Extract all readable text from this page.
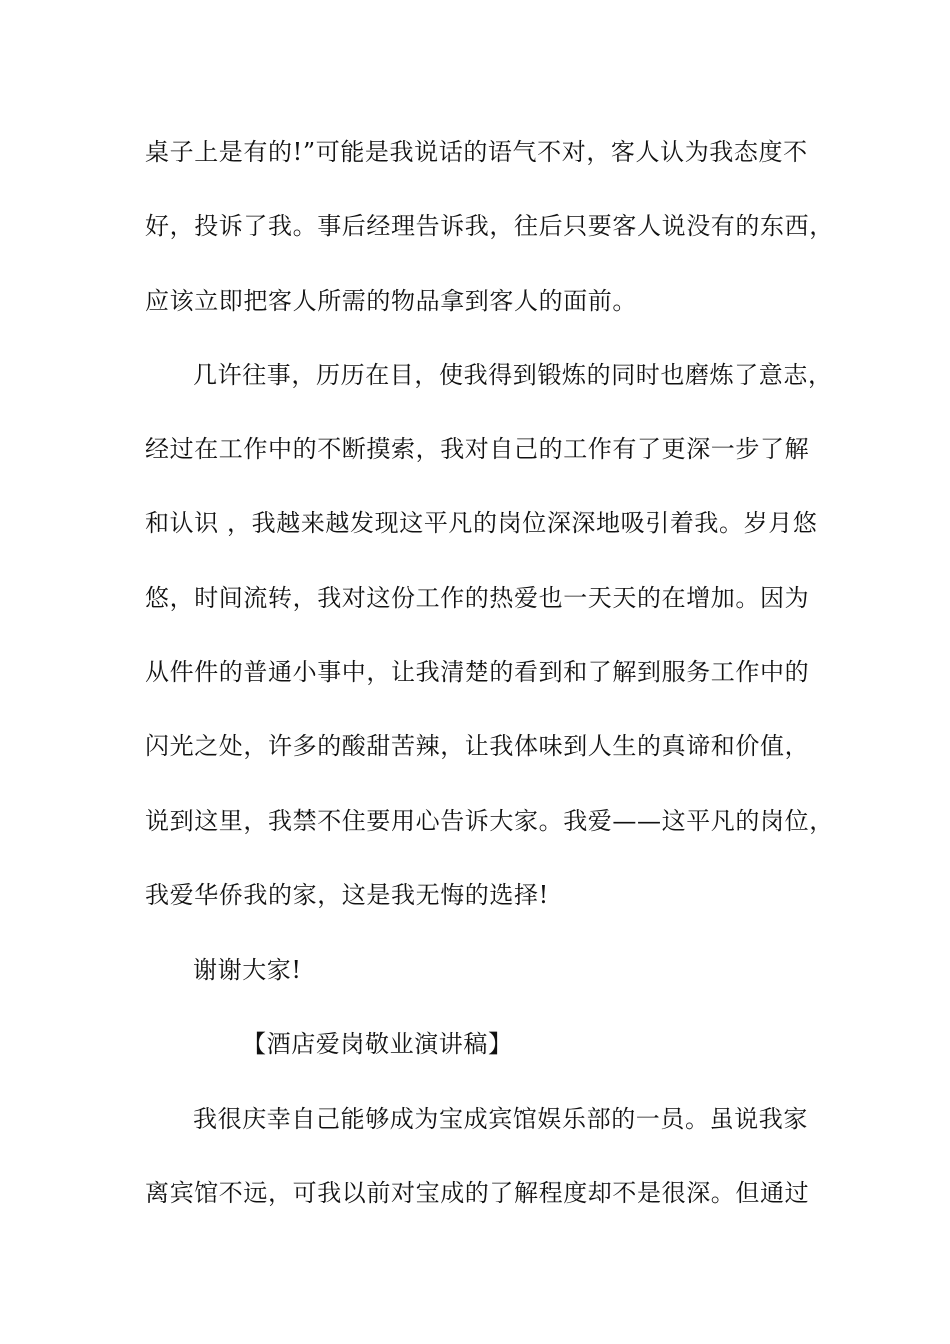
桌子上是有的!”可能是我说话的语气不对，客人认为我态度不
好，投诉了我。事后经理告诉我，往后只要客人说没有的东西，
应该立即把客人所需的物品拿到客人的面前。
几许往事，历历在目，使我得到锻炼的同时也磨炼了意志，
经过在工作中的不断摸索，我对自己的工作有了更深一步了解
和认识 ，我越来越发现这平凡的岗位深深地吸引着我。岁月悠
悠，时间流转，我对这份工作的热爱也一天天的在增加。因为
从件件的普通小事中，让我清楚的看到和了解到服务工作中的
闪光之处，许多的酸甜苦辣，让我体味到人生的真谛和价值，
说到这里，我禁不住要用心告诉大家。我爱——这平凡的岗位，
我爱华侨我的家，这是我无悔的选择!
谢谢大家!
【酒店爱岗敬业演讲稿】
我很庆幸自己能够成为宝成宾馆娱乐部的一员。虽说我家
离宾馆不远，可我以前对宝成的了解程度却不是很深。但通过
